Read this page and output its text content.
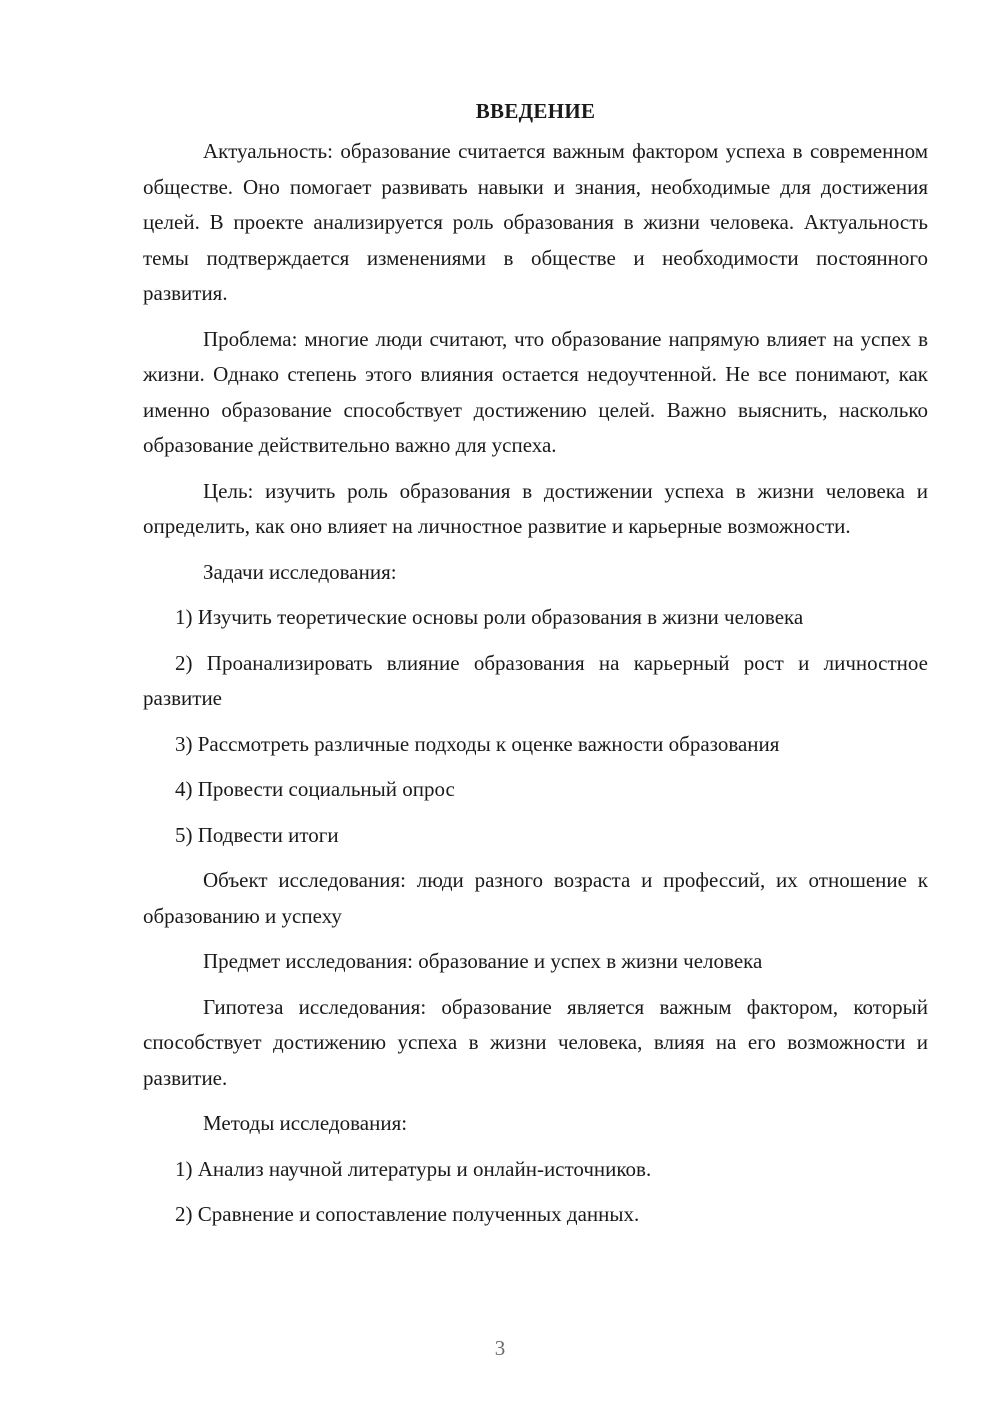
ВВЕДЕНИЕ

Актуальность: образование считается важным фактором успеха в современном обществе. Оно помогает развивать навыки и знания, необходимые для достижения целей. В проекте анализируется роль образования в жизни человека. Актуальность темы подтверждается изменениями в обществе и необходимости постоянного развития.

Проблема: многие люди считают, что образование напрямую влияет на успех в жизни. Однако степень этого влияния остается недоучтенной. Не все понимают, как именно образование способствует достижению целей. Важно выяснить, насколько образование действительно важно для успеха.

Цель: изучить роль образования в достижении успеха в жизни человека и определить, как оно влияет на личностное развитие и карьерные возможности.

Задачи исследования:

1) Изучить теоретические основы роли образования в жизни человека

2) Проанализировать влияние образования на карьерный рост и личностное развитие

3) Рассмотреть различные подходы к оценке важности образования

4) Провести социальный опрос

5) Подвести итоги

Объект исследования: люди разного возраста и профессий, их отношение к образованию и успеху

Предмет исследования: образование и успех в жизни человека

Гипотеза исследования: образование является важным фактором, который способствует достижению успеха в жизни человека, влияя на его возможности и развитие.

Методы исследования:

1) Анализ научной литературы и онлайн-источников.

2) Сравнение и сопоставление полученных данных.

3
